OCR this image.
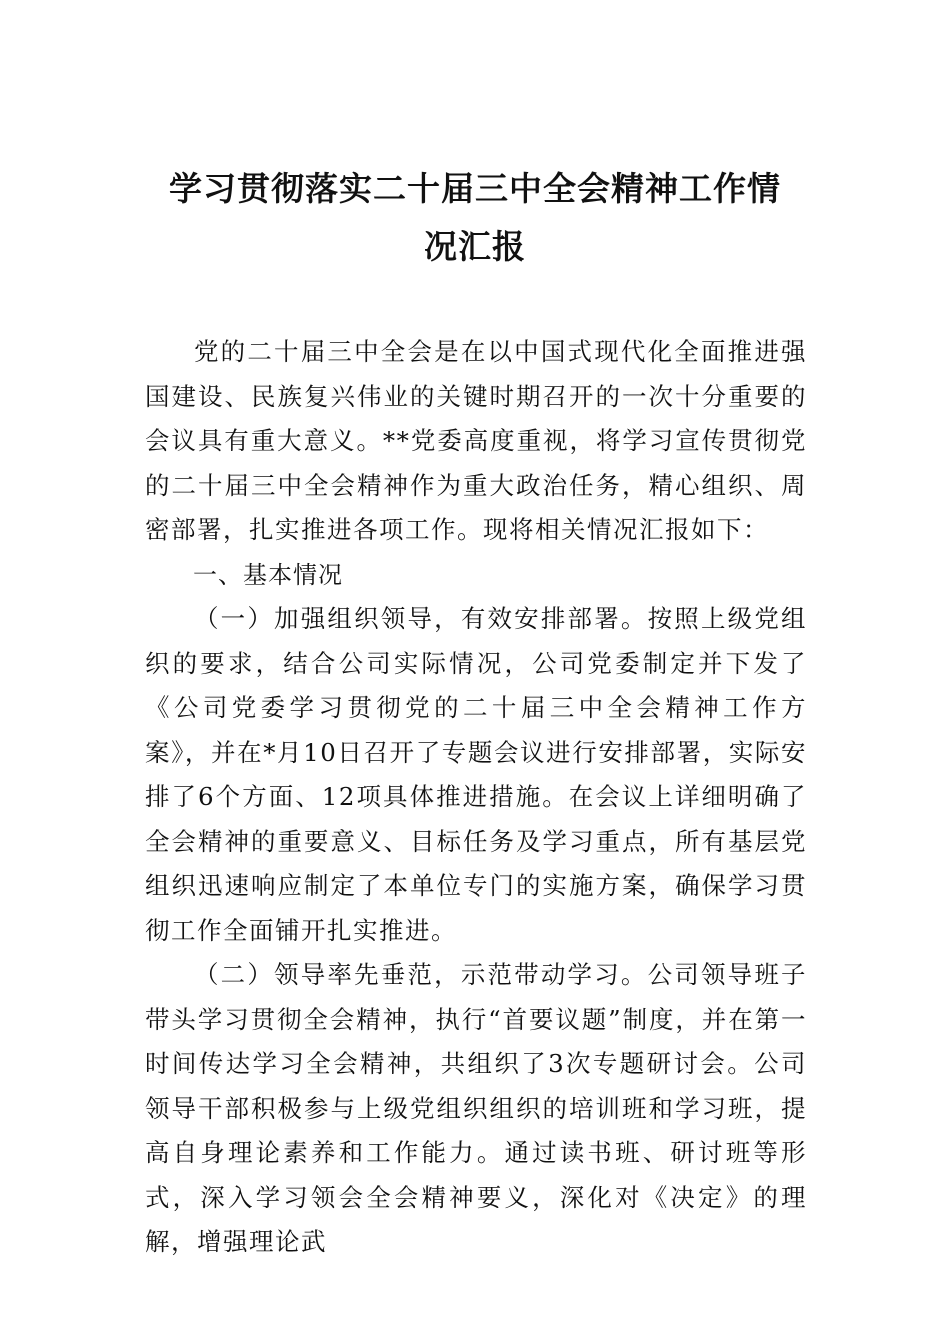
学习贯彻落实二十届三中全会精神工作情
况汇报

党的二十届三中全会是在以中国式现代化全面推进强国建设、民族复兴伟业的关键时期召开的一次十分重要的会议具有重大意义。**党委高度重视，将学习宣传贯彻党的二十届三中全会精神作为重大政治任务，精心组织、周密部署，扎实推进各项工作。现将相关情况汇报如下：

一、基本情况

（一）加强组织领导，有效安排部署。按照上级党组织的要求，结合公司实际情况，公司党委制定并下发了《公司党委学习贯彻党的二十届三中全会精神工作方案》，并在*月10日召开了专题会议进行安排部署，实际安排了6个方面、12项具体推进措施。在会议上详细明确了全会精神的重要意义、目标任务及学习重点，所有基层党组织迅速响应制定了本单位专门的实施方案，确保学习贯彻工作全面铺开扎实推进。

（二）领导率先垂范，示范带动学习。公司领导班子带头学习贯彻全会精神，执行“首要议题”制度，并在第一时间传达学习全会精神，共组织了3次专题研讨会。公司领导干部积极参与上级党组织组织的培训班和学习班，提高自身理论素养和工作能力。通过读书班、研讨班等形式，深入学习领会全会精神要义，深化对《决定》的理解，增强理论武
